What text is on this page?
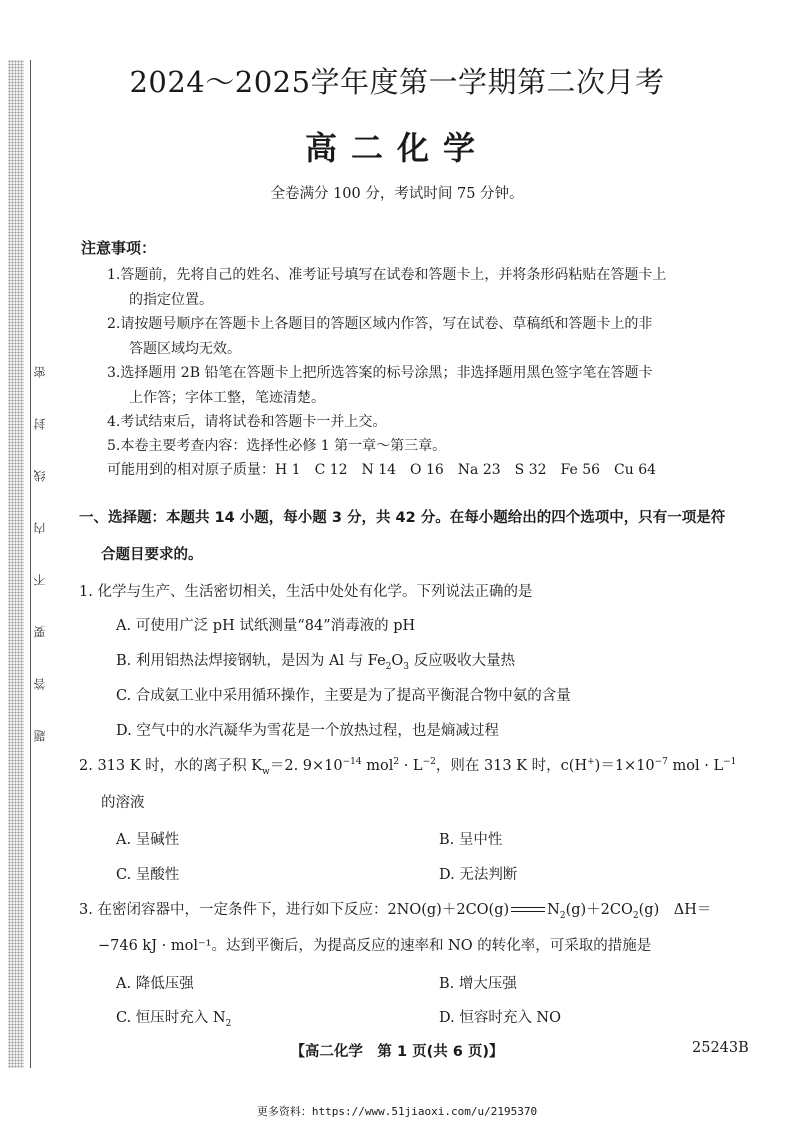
密
封
线
内
不
要
答
题
2024～2025学年度第一学期第二次月考
高二化学
全卷满分 100 分，考试时间 75 分钟。
注意事项：
1.答题前，先将自己的姓名、准考证号填写在试卷和答题卡上，并将条形码粘贴在答题卡上
的指定位置。
2.请按题号顺序在答题卡上各题目的答题区域内作答，写在试卷、草稿纸和答题卡上的非
答题区域均无效。
3.选择题用 2B 铅笔在答题卡上把所选答案的标号涂黑；非选择题用黑色签字笔在答题卡
上作答；字体工整，笔迹清楚。
4.考试结束后，请将试卷和答题卡一并上交。
5.本卷主要考查内容：选择性必修 1 第一章～第三章。
可能用到的相对原子质量：H 1　C 12　N 14　O 16　Na 23　S 32　Fe 56　Cu 64
一、选择题：本题共 14 小题，每小题 3 分，共 42 分。在每小题给出的四个选项中，只有一项是符
合题目要求的。
1. 化学与生产、生活密切相关，生活中处处有化学。下列说法正确的是
A. 可使用广泛 pH 试纸测量“84”消毒液的 pH
B. 利用铝热法焊接钢轨，是因为 Al 与 $Fe_2O_3$ 反应吸收大量热
C. 合成氨工业中采用循环操作，主要是为了提高平衡混合物中氨的含量
D. 空气中的水汽凝华为雪花是一个放热过程，也是熵减过程
2. 313 K 时，水的离子积 $K_w=2$. $9\times 10^{-14}$ $mol^2 \cdot L^{-2}$，则在 313 K 时，$c(H^+)=1\times 10^{-7}$ mol · $L^{-1}$
的溶液
A. 呈碱性	B. 呈中性
C. 呈酸性	D. 无法判断
3. 在密闭容器中，一定条件下，进行如下反应：2NO(g)＋2CO(g)	$N_2(g)+2CO_2(g)$　ΔH＝
−746 kJ · mol⁻¹。达到平衡后，为提高反应的速率和 NO 的转化率，可采取的措施是
A. 降低压强	B. 增大压强
C. 恒压时充入 $N_2$	D. 恒容时充入 NO
【高二化学　第 1 页(共 6 页)】	25243B
更多资料：https://www.51jiaoxi.com/u/2195370
